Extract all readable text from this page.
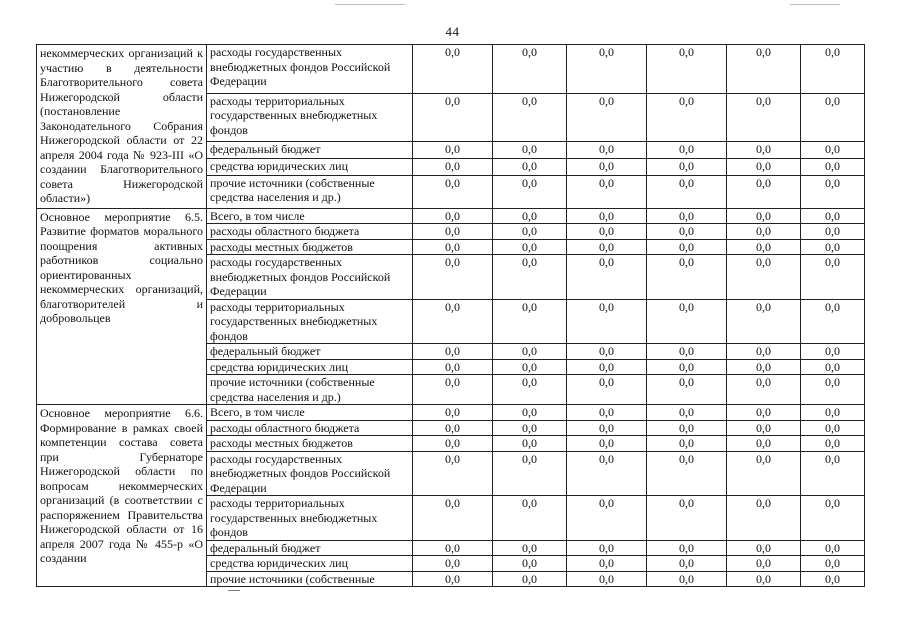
44
некоммерческих организаций к участию в деятельности Благотворительного совета Нижегородской области (постановление Законодательного Собрания Нижегородской области от 22 апреля 2004 года № 923-III «О создании Благотворительного совета Нижегородской области»)	расходы государственных внебюджетных фондов Российской Федерации	0,0	0,0	0,0	0,0	0,0	0,0
	расходы территориальных государственных внебюджетных фондов	0,0	0,0	0,0	0,0	0,0	0,0
	федеральный бюджет	0,0	0,0	0,0	0,0	0,0	0,0
	средства юридических лиц	0,0	0,0	0,0	0,0	0,0	0,0
	прочие источники (собственные средства населения и др.)	0,0	0,0	0,0	0,0	0,0	0,0
Основное мероприятие 6.5. Развитие форматов морального поощрения активных работников социально ориентированных некоммерческих организаций, благотворителей и добровольцев	Всего, в том числе	0,0	0,0	0,0	0,0	0,0	0,0
	расходы областного бюджета	0,0	0,0	0,0	0,0	0,0	0,0
	расходы местных бюджетов	0,0	0,0	0,0	0,0	0,0	0,0
	расходы государственных внебюджетных фондов Российской Федерации	0,0	0,0	0,0	0,0	0,0	0,0
	расходы территориальных государственных внебюджетных фондов	0,0	0,0	0,0	0,0	0,0	0,0
	федеральный бюджет	0,0	0,0	0,0	0,0	0,0	0,0
	средства юридических лиц	0,0	0,0	0,0	0,0	0,0	0,0
	прочие источники (собственные средства населения и др.)	0,0	0,0	0,0	0,0	0,0	0,0
Основное мероприятие 6.6. Формирование в рамках своей компетенции состава совета при Губернаторе Нижегородской области по вопросам некоммерческих организаций (в соответствии с распоряжением Правительства Нижегородской области от 16 апреля 2007 года № 455-р «О создании	Всего, в том числе	0,0	0,0	0,0	0,0	0,0	0,0
	расходы областного бюджета	0,0	0,0	0,0	0,0	0,0	0,0
	расходы местных бюджетов	0,0	0,0	0,0	0,0	0,0	0,0
	расходы государственных внебюджетных фондов Российской Федерации	0,0	0,0	0,0	0,0	0,0	0,0
	расходы территориальных государственных внебюджетных фондов	0,0	0,0	0,0	0,0	0,0	0,0
	федеральный бюджет	0,0	0,0	0,0	0,0	0,0	0,0
	средства юридических лиц	0,0	0,0	0,0	0,0	0,0	0,0
	прочие источники (собственные	0,0	0,0	0,0	0,0	0,0	0,0
